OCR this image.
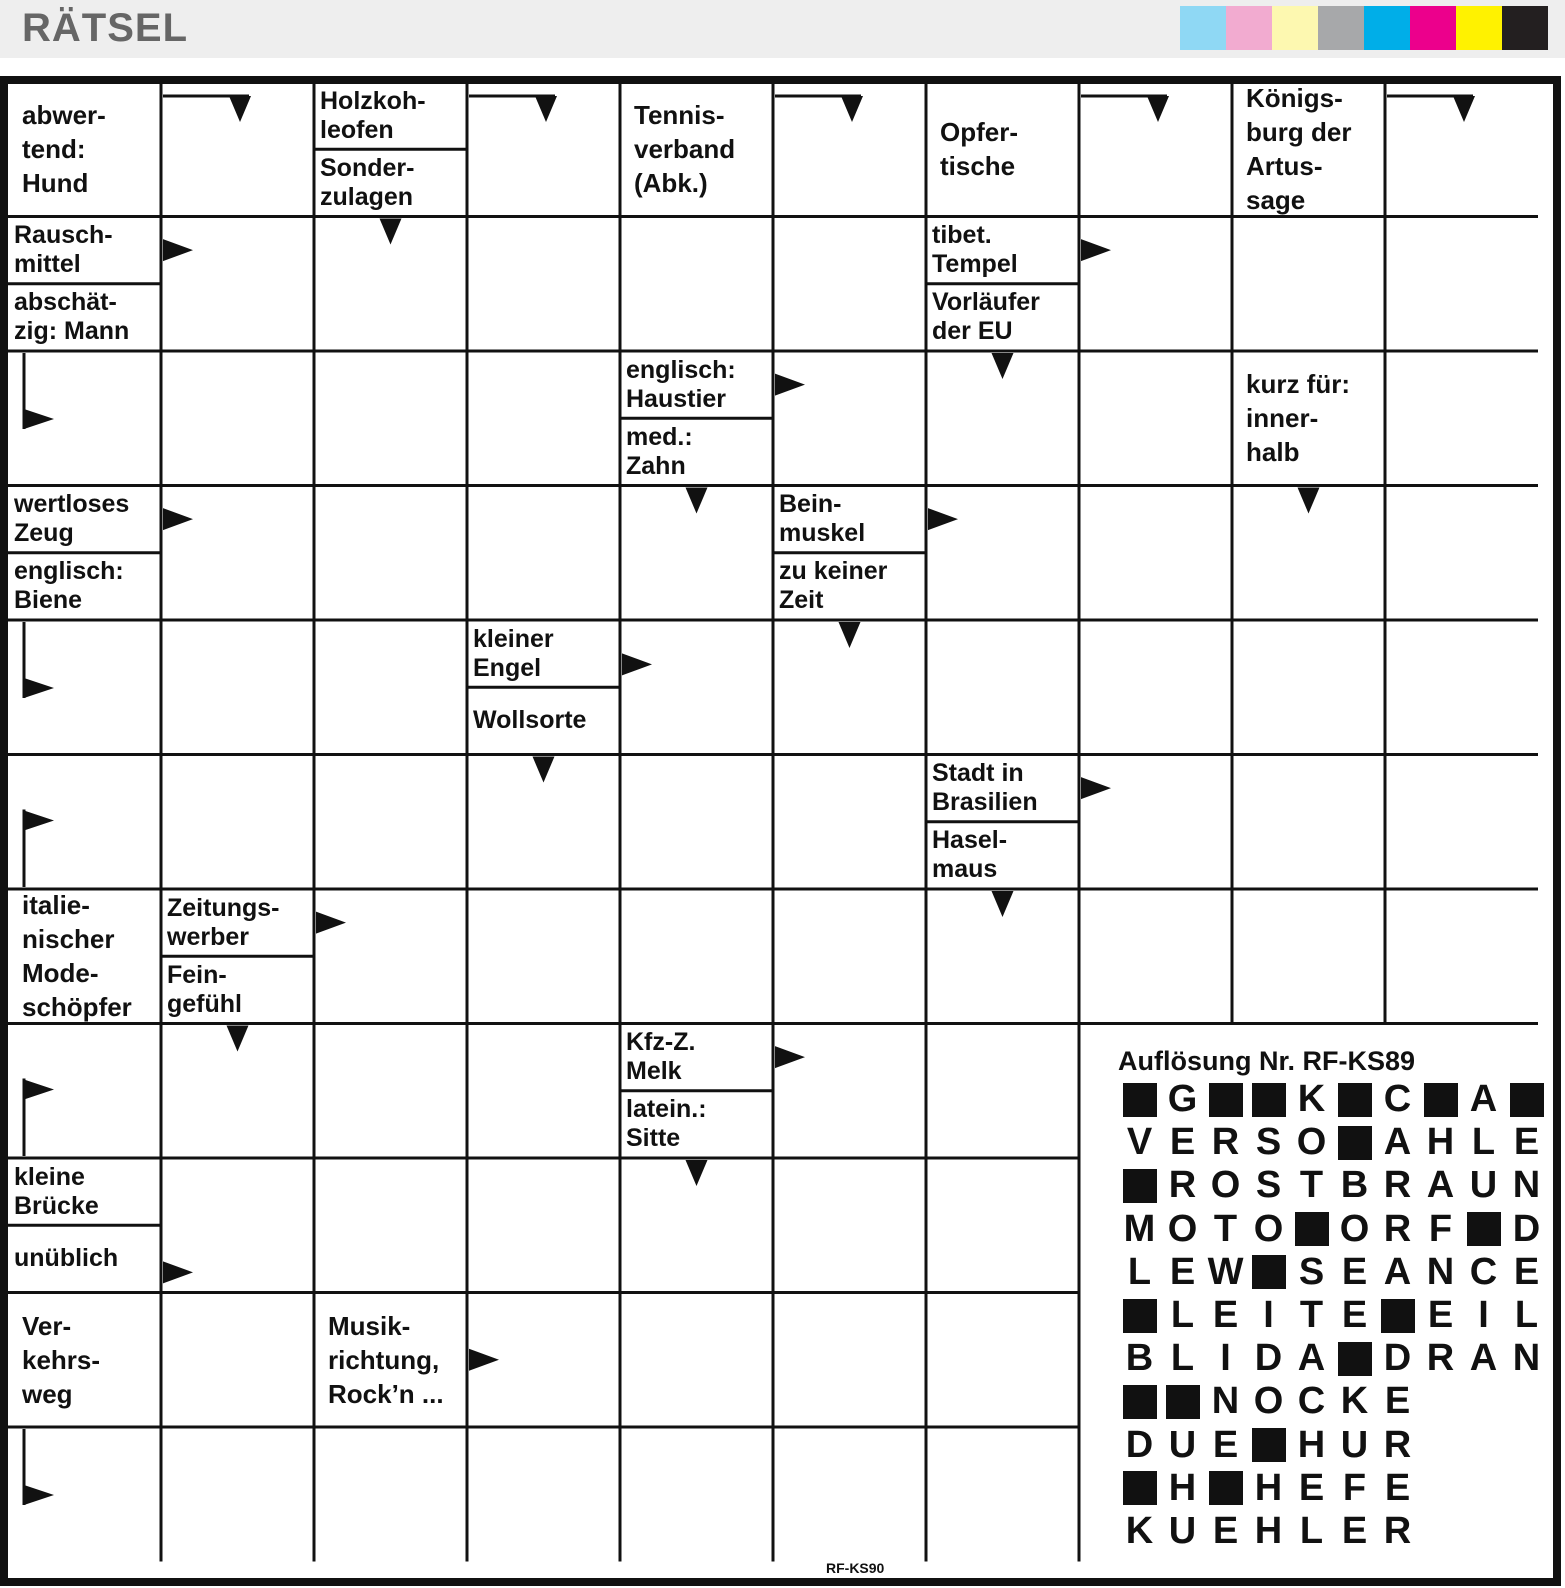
RÄTSEL
Auflösung Nr. RF-KS89
RF-KS90
abwer-
tend:
Hund
Holzkoh-
leofen
Sonder-
zulagen
Tennis-
verband
(Abk.)
Opfer-
tische
Königs-
burg der
Artus-
sage
Rausch-
mittel
abschät-
zig: Mann
tibet.
Tempel
Vorläufer
der EU
englisch:
Haustier
med.:
Zahn
kurz für:
inner-
halb
wertloses
Zeug
englisch:
Biene
Bein-
muskel
zu keiner
Zeit
kleiner
Engel
Wollsorte
Stadt in
Brasilien
Hasel-
maus
italie-
nischer
Mode-
schöpfer
Zeitungs-
werber
Fein-
gefühl
Kfz-Z.
Melk
latein.:
Sitte
kleine
Brücke
unüblich
Ver-
kehrs-
weg
Musik-
richtung,
Rock’n ...
G	K C A
V E R S O A H L E
R O S T B R A U N
M O T O O R F D
L E W S E A N C E
L E I T E E I L
B L I D A D R A N
N O C K E
D U E H U R
H H E F E
K U E H L E R
